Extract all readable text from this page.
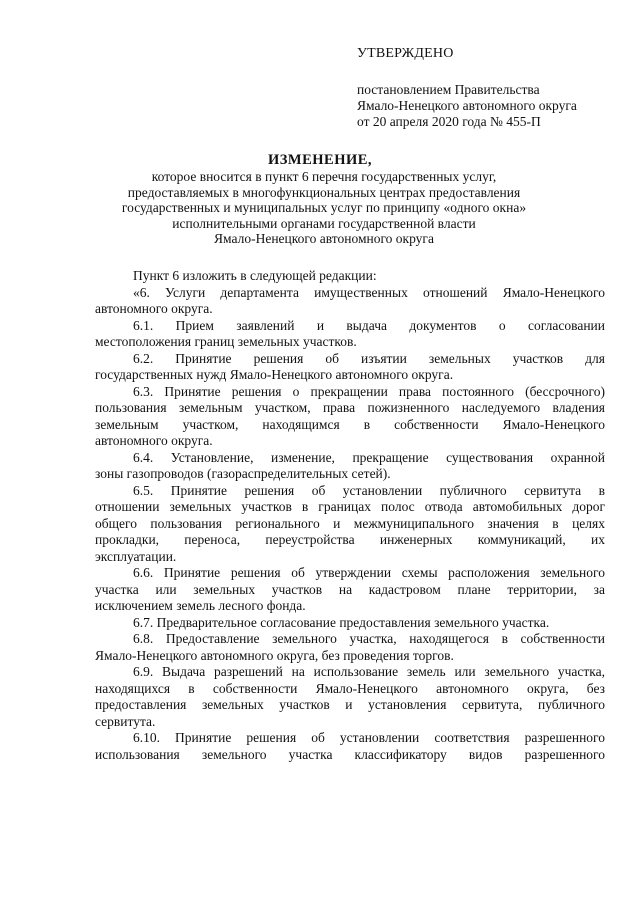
УТВЕРЖДЕНО
постановлением Правительства
Ямало-Ненецкого автономного округа
от 20 апреля 2020 года № 455-П
ИЗМЕНЕНИЕ,
которое вносится в пункт 6 перечня государственных услуг,
предоставляемых в многофункциональных центрах предоставления
государственных и муниципальных услуг по принципу «одного окна»
исполнительными органами государственной власти
Ямало-Ненецкого автономного округа
Пункт 6 изложить в следующей редакции:
«6. Услуги департамента имущественных отношений Ямало-Ненецкого
автономного округа.
6.1. Прием заявлений и выдача документов о согласовании
местоположения границ земельных участков.
6.2. Принятие решения об изъятии земельных участков для
государственных нужд Ямало-Ненецкого автономного округа.
6.3. Принятие решения о прекращении права постоянного (бессрочного)
пользования земельным участком, права пожизненного наследуемого владения
земельным участком, находящимся в собственности Ямало-Ненецкого
автономного округа.
6.4. Установление, изменение, прекращение существования охранной
зоны газопроводов (газораспределительных сетей).
6.5. Принятие решения об установлении публичного сервитута в
отношении земельных участков в границах полос отвода автомобильных дорог
общего пользования регионального и межмуниципального значения в целях
прокладки, переноса, переустройства инженерных коммуникаций, их
эксплуатации.
6.6. Принятие решения об утверждении схемы расположения земельного
участка или земельных участков на кадастровом плане территории, за
исключением земель лесного фонда.
6.7. Предварительное согласование предоставления земельного участка.
6.8. Предоставление земельного участка, находящегося в собственности
Ямало-Ненецкого автономного округа, без проведения торгов.
6.9. Выдача разрешений на использование земель или земельного участка,
находящихся в собственности Ямало-Ненецкого автономного округа, без
предоставления земельных участков и установления сервитута, публичного
сервитута.
6.10. Принятие решения об установлении соответствия разрешенного
использования земельного участка классификатору видов разрешенного
